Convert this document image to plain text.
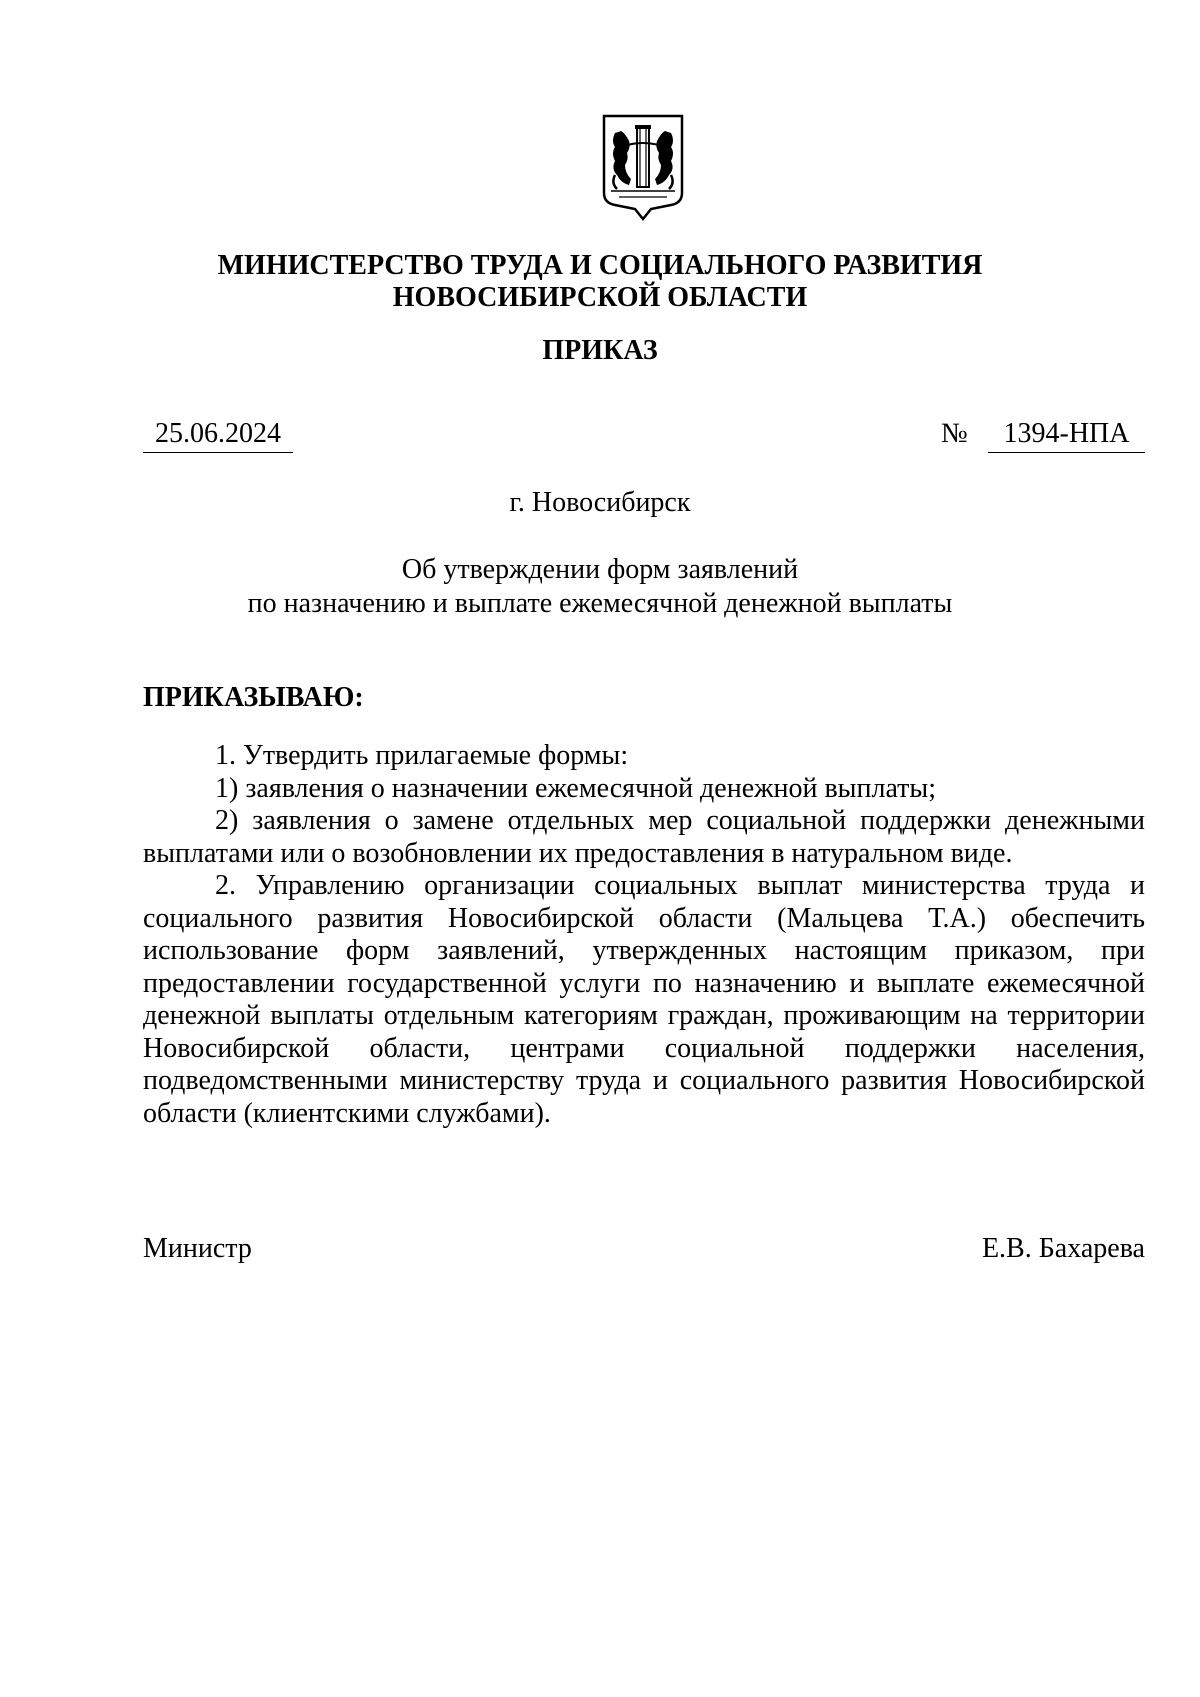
МИНИСТЕРСТВО ТРУДА И СОЦИАЛЬНОГО РАЗВИТИЯ
НОВОСИБИРСКОЙ ОБЛАСТИ
ПРИКАЗ
25.06.2024	№	1394-НПА
г. Новосибирск
Об утверждении форм заявлений
по назначению и выплате ежемесячной денежной выплаты
ПРИКАЗЫВАЮ:

1. Утвердить прилагаемые формы:

1) заявления о назначении ежемесячной денежной выплаты;

2) заявления о замене отдельных мер социальной поддержки денежными выплатами или о возобновлении их предоставления в натуральном виде.

2. Управлению организации социальных выплат министерства труда и социального развития Новосибирской области (Мальцева Т.А.) обеспечить использование форм заявлений, утвержденных настоящим приказом, при предоставлении государственной услуги по назначению и выплате ежемесячной денежной выплаты отдельным категориям граждан, проживающим на территории Новосибирской области, центрами социальной поддержки населения, подведомственными министерству труда и социального развития Новосибирской области (клиентскими службами).

Министр	Е.В. Бахарева
